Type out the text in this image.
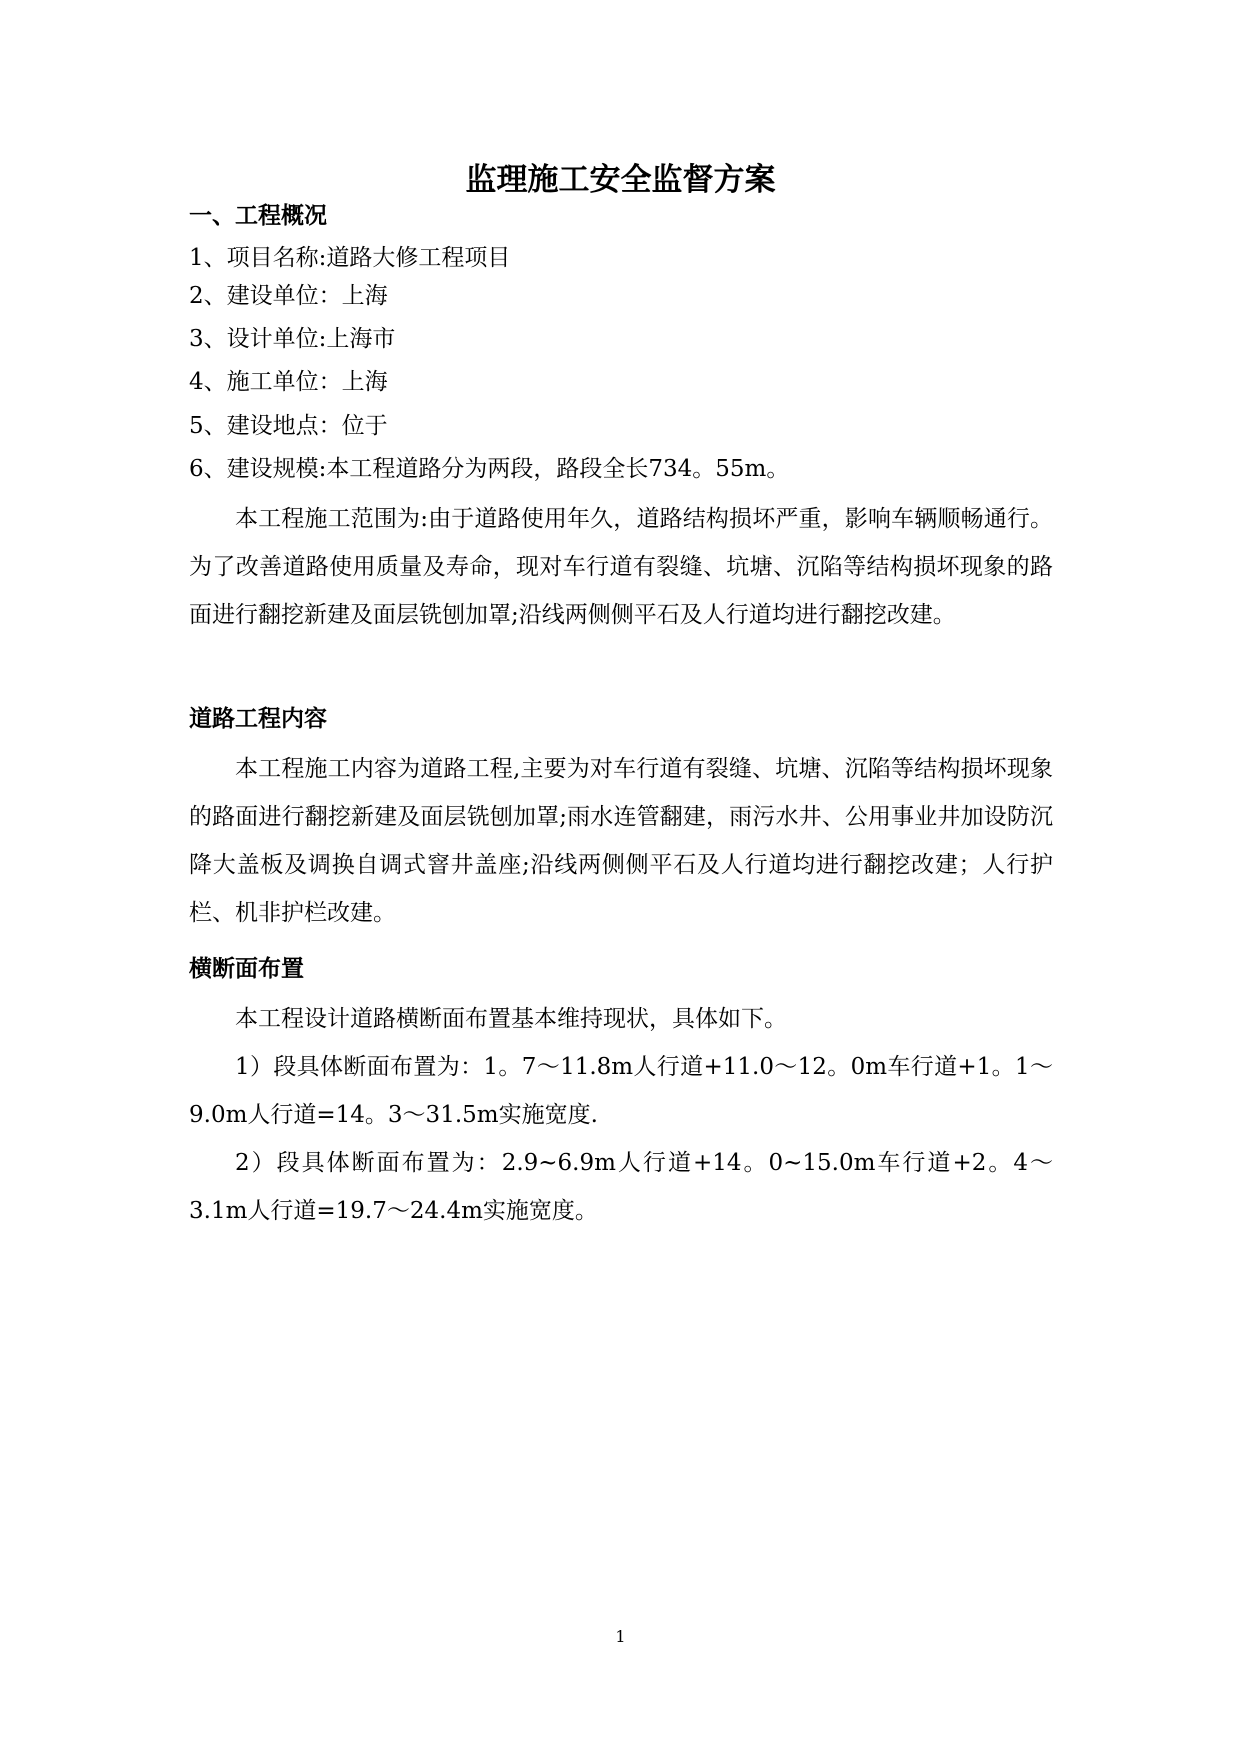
监理施工安全监督方案
一、工程概况
1、项目名称:道路大修工程项目
2、建设单位：上海
3、设计单位:上海市
4、施工单位：上海
5、建设地点：位于
6、建设规模:本工程道路分为两段，路段全长734。55m。
本工程施工范围为:由于道路使用年久，道路结构损坏严重，影响车辆顺畅通行。为了改善道路使用质量及寿命，现对车行道有裂缝、坑塘、沉陷等结构损坏现象的路面进行翻挖新建及面层铣刨加罩;沿线两侧侧平石及人行道均进行翻挖改建。
道路工程内容
本工程施工内容为道路工程,主要为对车行道有裂缝、坑塘、沉陷等结构损坏现象的路面进行翻挖新建及面层铣刨加罩;雨水连管翻建，雨污水井、公用事业井加设防沉降大盖板及调换自调式窨井盖座;沿线两侧侧平石及人行道均进行翻挖改建；人行护栏、机非护栏改建。
横断面布置
本工程设计道路横断面布置基本维持现状，具体如下。
1）段具体断面布置为：1。7～11.8m人行道+11.0～12。0m车行道+1。1～9.0m人行道=14。3～31.5m实施宽度.
2）段具体断面布置为：2.9~6.9m人行道+14。0~15.0m车行道+2。4～3.1m人行道=19.7～24.4m实施宽度。
1
